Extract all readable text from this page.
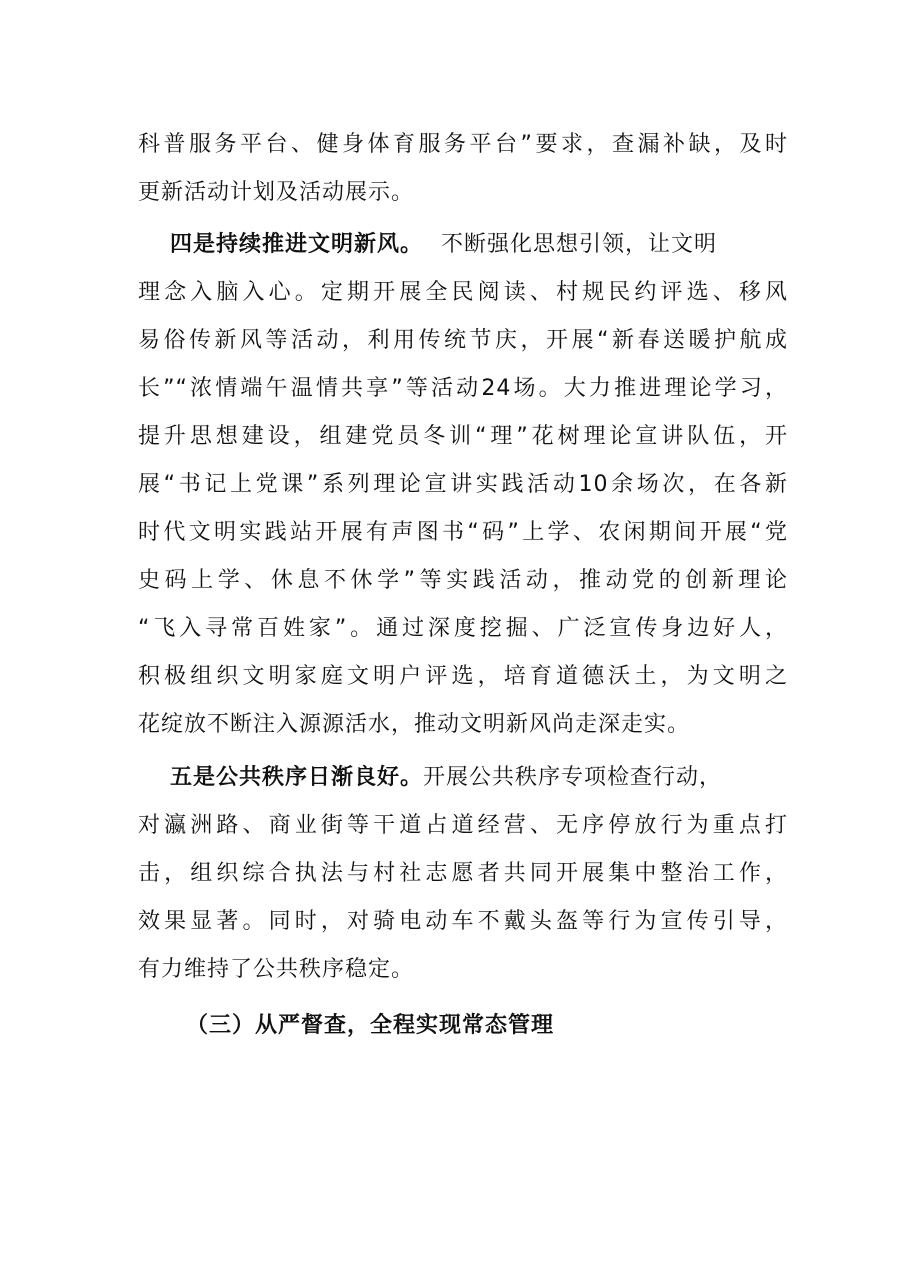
科普服务平台、健身体育服务平台”要求，查漏补缺，及时

更新活动计划及活动展示。

四是持续推进文明新风。 不断强化思想引领，让文明

理念入脑入心。定期开展全民阅读、村规民约评选、移风

易俗传新风等活动，利用传统节庆，开展“新春送暖护航成

长”“浓情端午温情共享”等活动24场。大力推进理论学习，

提升思想建设，组建党员冬训“理”花树理论宣讲队伍，开

展“书记上党课”系列理论宣讲实践活动10余场次，在各新

时代文明实践站开展有声图书“码”上学、农闲期间开展“党

史码上学、休息不休学”等实践活动，推动党的创新理论

“飞入寻常百姓家”。通过深度挖掘、广泛宣传身边好人，

积极组织文明家庭文明户评选，培育道德沃土，为文明之

花绽放不断注入源源活水，推动文明新风尚走深走实。

五是公共秩序日渐良好。开展公共秩序专项检查行动，

对瀛洲路、商业街等干道占道经营、无序停放行为重点打

击，组织综合执法与村社志愿者共同开展集中整治工作，

效果显著。同时，对骑电动车不戴头盔等行为宣传引导，

有力维持了公共秩序稳定。

（三）从严督查，全程实现常态管理
